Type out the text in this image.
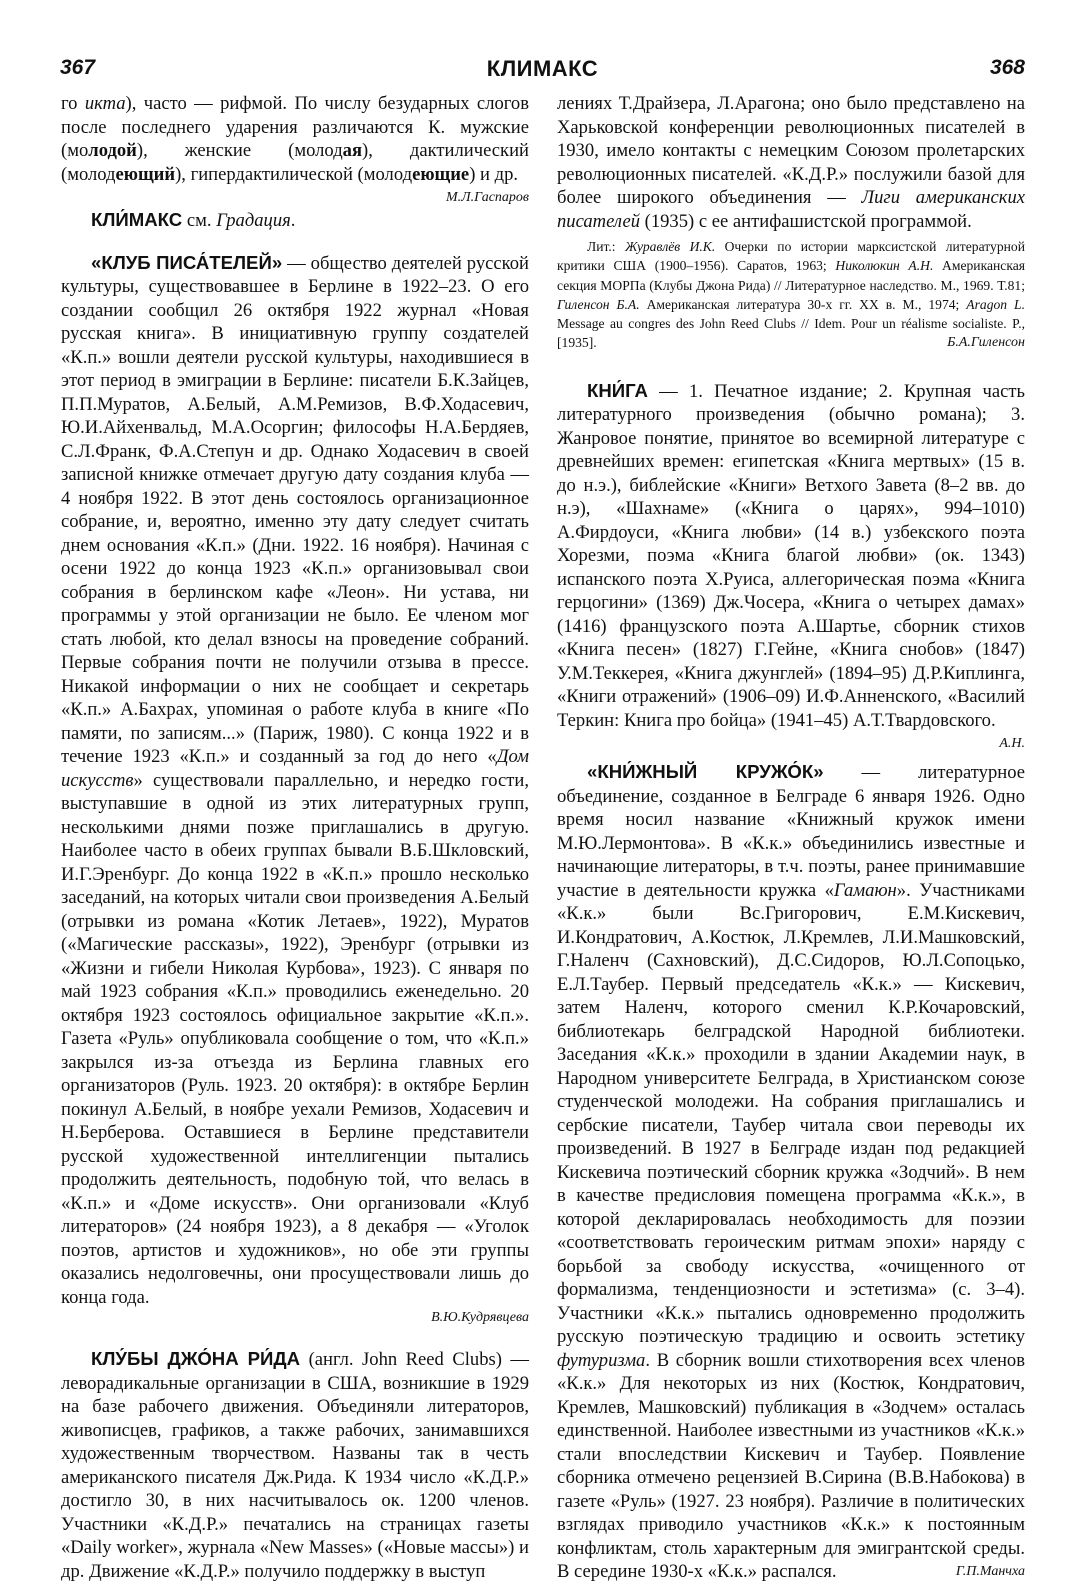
367	КЛИМАКС	368

го икта), часто — рифмой. По числу безударных слогов после последнего ударения различаются К. мужские (молодой), женские (молодая), дактилический (молодеющий), гипердактилической (молодеющие) и др.
М.Л.Гаспаров

КЛИ́МАКС см. Градация.

«КЛУБ ПИСА́ТЕЛЕЙ» — общество деятелей русской культуры, существовавшее в Берлине в 1922–23. О его создании сообщил 26 октября 1922 журнал «Новая русская книга». В инициативную группу создателей «К.п.» вошли деятели русской культуры, находившиеся в этот период в эмиграции в Берлине: писатели Б.К.Зайцев, П.П.Муратов, А.Белый, А.М.Ремизов, В.Ф.Ходасевич, Ю.И.Айхенвальд, М.А.Осоргин; философы Н.А.Бердяев, С.Л.Франк, Ф.А.Степун и др. Однако Ходасевич в своей записной книжке отмечает другую дату создания клуба — 4 ноября 1922. В этот день состоялось организационное собрание, и, вероятно, именно эту дату следует считать днем основания «К.п.» (Дни. 1922. 16 ноября). Начиная с осени 1922 до конца 1923 «К.п.» организовывал свои собрания в берлинском кафе «Леон». Ни устава, ни программы у этой организации не было. Ее членом мог стать любой, кто делал взносы на проведение собраний. Первые собрания почти не получили отзыва в прессе. Никакой информации о них не сообщает и секретарь «К.п.» А.Бахрах, упоминая о работе клуба в книге «По памяти, по записям...» (Париж, 1980). С конца 1922 и в течение 1923 «К.п.» и созданный за год до него «Дом искусств» существовали параллельно, и нередко гости, выступавшие в одной из этих литературных групп, несколькими днями позже приглашались в другую. Наиболее часто в обеих группах бывали В.Б.Шкловский, И.Г.Эренбург. До конца 1922 в «К.п.» прошло несколько заседаний, на которых читали свои произведения А.Белый (отрывки из романа «Котик Летаев», 1922), Муратов («Магические рассказы», 1922), Эренбург (отрывки из «Жизни и гибели Николая Курбова», 1923). С января по май 1923 собрания «К.п.» проводились еженедельно. 20 октября 1923 состоялось официальное закрытие «К.п.». Газета «Руль» опубликовала сообщение о том, что «К.п.» закрылся из-за отъезда из Берлина главных его организаторов (Руль. 1923. 20 октября): в октябре Берлин покинул А.Белый, в ноябре уехали Ремизов, Ходасевич и Н.Берберова. Оставшиеся в Берлине представители русской художественной интеллигенции пытались продолжить деятельность, подобную той, что велась в «К.п.» и «Доме искусств». Они организовали «Клуб литераторов» (24 ноября 1923), а 8 декабря — «Уголок поэтов, артистов и художников», но обе эти группы оказались недолговечны, они просуществовали лишь до конца года.

В.Ю.Кудрявцева

КЛУ́БЫ ДЖО́НА РИ́ДА (англ. John Reed Clubs) — леворадикальные организации в США, возникшие в 1929 на базе рабочего движения. Объединяли литераторов, живописцев, графиков, а также рабочих, занимавшихся художественным творчеством. Названы так в честь американского писателя Дж.Рида. К 1934 число «К.Д.Р.» достигло 30, в них насчитывалось ок. 1200 членов. Участники «К.Д.Р.» печатались на страницах газеты «Daily worker», журнала «New Masses» («Новые массы») и др. Движение «К.Д.Р.» получило поддержку в выступ

лениях Т.Драйзера, Л.Арагона; оно было представлено на Харьковской конференции революционных писателей в 1930, имело контакты с немецким Союзом пролетарских революционных писателей. «К.Д.Р.» послужили базой для более широкого объединения — Лиги американских писателей (1935) с ее антифашистской программой.

Лит.: Журавлёв И.К. Очерки по истории марксистской литературной критики США (1900–1956). Саратов, 1963; Николюкин А.Н. Американская секция МОРПа (Клубы Джона Рида) // Литературное наследство. М., 1969. Т.81; Гиленсон Б.А. Американская литература 30-х гг. XX в. М., 1974; Aragon L. Message au congres des John Reed Clubs // Idem. Pour un réalisme socialiste. P., [1935].	Б.А.Гиленсон

КНИ́ГА — 1. Печатное издание; 2. Крупная часть литературного произведения (обычно романа); 3. Жанровое понятие, принятое во всемирной литературе с древнейших времен: египетская «Книга мертвых» (15 в. до н.э.), библейские «Книги» Ветхого Завета (8–2 вв. до н.э), «Шахнаме» («Книга о царях», 994–1010) А.Фирдоуси, «Книга любви» (14 в.) узбекского поэта Хорезми, поэма «Книга благой любви» (ок. 1343) испанского поэта Х.Руиса, аллегорическая поэма «Книга герцогини» (1369) Дж.Чосера, «Книга о четырех дамах» (1416) французского поэта А.Шартье, сборник стихов «Книга песен» (1827) Г.Гейне, «Книга снобов» (1847) У.М.Теккерея, «Книга джунглей» (1894–95) Д.Р.Киплинга, «Книги отражений» (1906–09) И.Ф.Анненского, «Василий Теркин: Книга про бойца» (1941–45) А.Т.Твардовского.
А.Н.

«КНИ́ЖНЫЙ КРУЖО́К» — литературное объединение, созданное в Белграде 6 января 1926. Одно время носил название «Книжный кружок имени М.Ю.Лермонтова». В «К.к.» объединились известные и начинающие литераторы, в т.ч. поэты, ранее принимавшие участие в деятельности кружка «Гамаюн». Участниками «К.к.» были Вс.Григорович, Е.М.Кискевич, И.Кондратович, А.Костюк, Л.Кремлев, Л.И.Машковский, Г.Наленч (Сахновский), Д.С.Сидоров, Ю.Л.Сопоцько, Е.Л.Таубер. Первый председатель «К.к.» — Кискевич, затем Наленч, которого сменил К.Р.Кочаровский, библиотекарь белградской Народной библиотеки. Заседания «К.к.» проходили в здании Академии наук, в Народном университете Белграда, в Христианском союзе студенческой молодежи. На собрания приглашались и сербские писатели, Таубер читала свои переводы их произведений. В 1927 в Белграде издан под редакцией Кискевича поэтический сборник кружка «Зодчий». В нем в качестве предисловия помещена программа «К.к.», в которой декларировалась необходимость для поэзии «соответствовать героическим ритмам эпохи» наряду с борьбой за свободу искусства, «очищенного от формализма, тенденциозности и эстетизма» (с. 3–4). Участники «К.к.» пытались одновременно продолжить русскую поэтическую традицию и освоить эстетику футуризма. В сборник вошли стихотворения всех членов «К.к.» Для некоторых из них (Костюк, Кондратович, Кремлев, Машковский) публикация в «Зодчем» осталась единственной. Наиболее известными из участников «К.к.» стали впоследствии Кискевич и Таубер. Появление сборника отмечено рецензией В.Сирина (В.В.Набокова) в газете «Руль» (1927. 23 ноября). Различие в политических взглядах приводило участников «К.к.» к постоянным конфликтам, столь характерным для эмигрантской среды. В середине 1930-х «К.к.» распался.	Г.П.Манчха
